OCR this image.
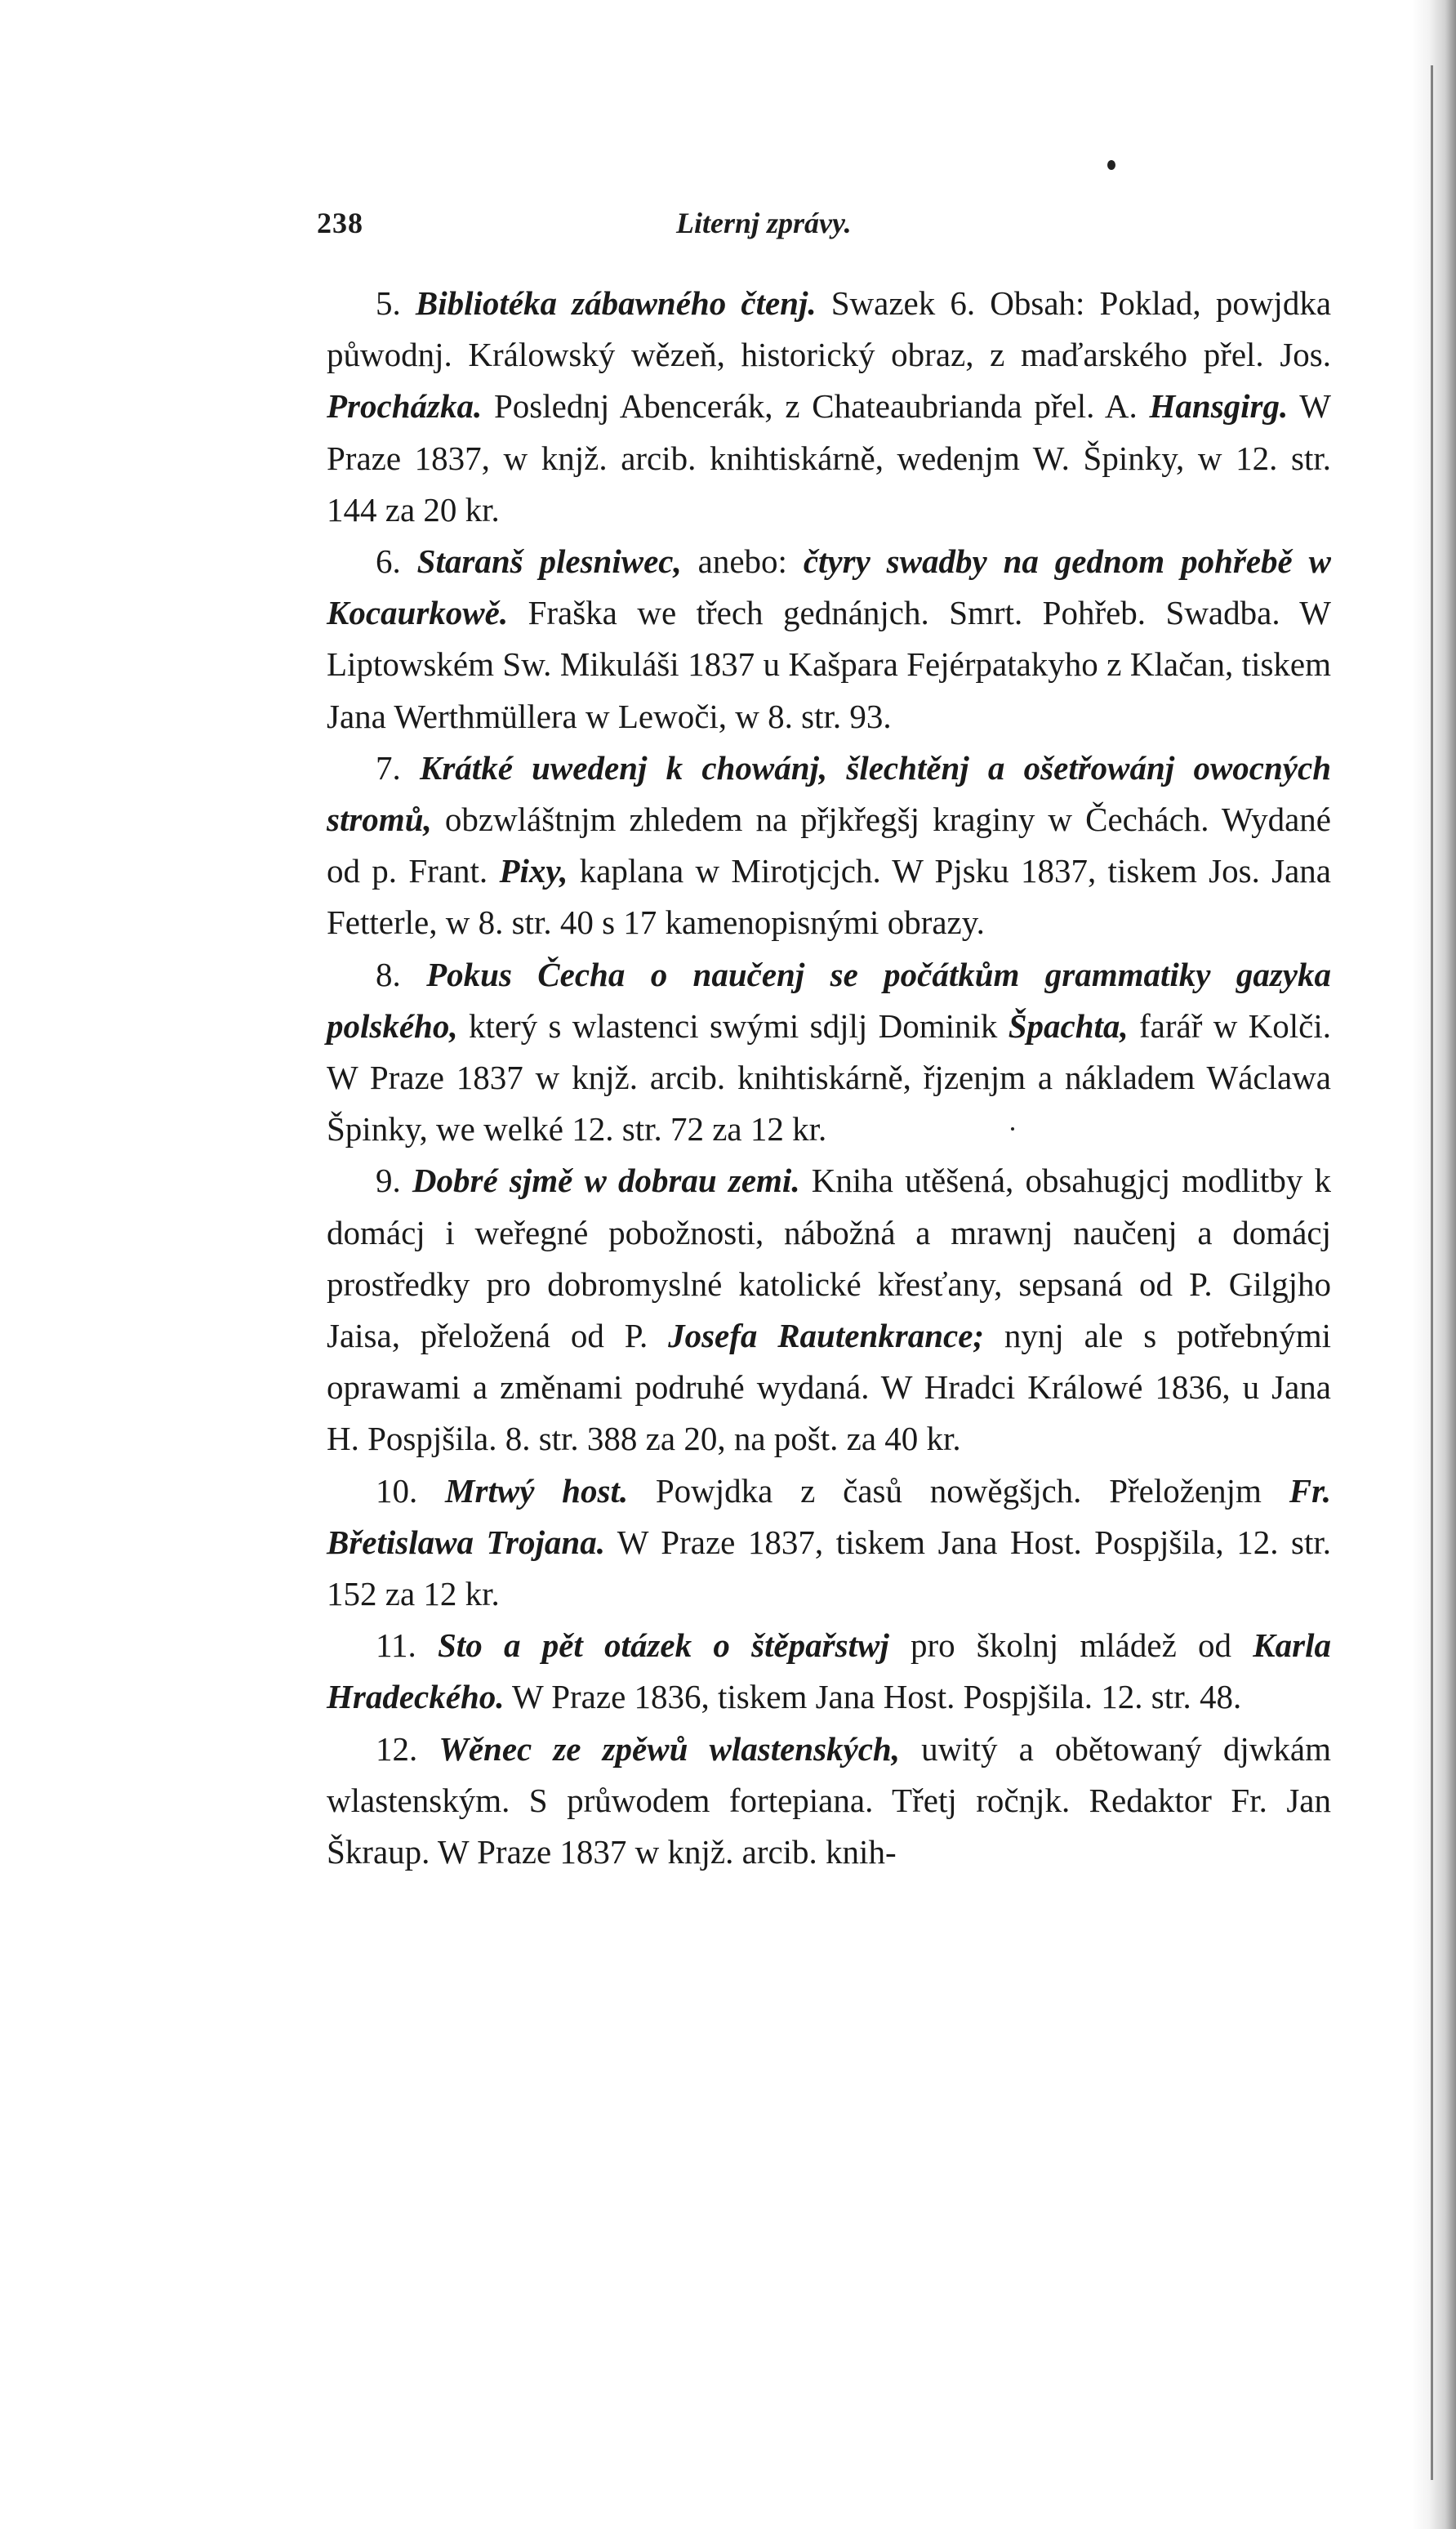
238	Liternj zprávy.

5. Bibliotéka zábawného čtenj. Swazek 6. Obsah: Poklad, powjdka půwodnj. Králowský wězeň, historický obraz, z maďarského přel. Jos. Procházka. Poslednj Abencerák, z Chateaubrianda přel. A. Hansgirg. W Praze 1837, w knjž. arcib. knihtiskárně, wedenjm W. Špinky, w 12. str. 144 za 20 kr.

6. Staranš plesniwec, anebo: čtyry swadby na gednom pohřebě w Kocaurkowě. Fraška we třech gednánjch. Smrt. Pohřeb. Swadba. W Liptowském Sw. Mikuláši 1837 u Kašpara Fejérpatakyho z Klačan, tiskem Jana Werthmüllera w Lewoči, w 8. str. 93.

7. Krátké uwedenj k chowánj, šlechtěnj a ošetřowánj owocných stromů, obzwláštnjm zhledem na přjkřegšj kraginy w Čechách. Wydané od p. Frant. Pixy, kaplana w Mirotjcjch. W Pjsku 1837, tiskem Jos. Jana Fetterle, w 8. str. 40 s 17 kamenopisnými obrazy.

8. Pokus Čecha o naučenj se počátkům grammatiky gazyka polského, který s wlastenci swými sdjlj Dominik Špachta, farář w Kolči. W Praze 1837 w knjž. arcib. knihtiskárně, řjzenjm a nákladem Wáclawa Špinky, we welké 12. str. 72 za 12 kr.

9. Dobré sjmě w dobrau zemi. Kniha utěšená, obsahugjcj modlitby k domácj i weřegné pobožnosti, nábožná a mrawnj naučenj a domácj prostředky pro dobromyslné katolické křesťany, sepsaná od P. Gilgjho Jaisa, přeložená od P. Josefa Rautenkrance; nynj ale s potřebnými oprawami a změnami podruhé wydaná. W Hradci Králowé 1836, u Jana H. Pospjšila. 8. str. 388 za 20, na pošt. za 40 kr.

10. Mrtwý host. Powjdka z časů nowěgšjch. Přeloženjm Fr. Břetislawa Trojana. W Praze 1837, tiskem Jana Host. Pospjšila, 12. str. 152 za 12 kr.

11. Sto a pět otázek o štěpařstwj pro školnj mládež od Karla Hradeckého. W Praze 1836, tiskem Jana Host. Pospjšila. 12. str. 48.

12. Wěnec ze zpěwů wlastenských, uwitý a obětowaný djwkám wlastenským. S průwodem fortepiana. Třetj ročnjk. Redaktor Fr. Jan Škraup. W Praze 1837 w knjž. arcib. knih-
